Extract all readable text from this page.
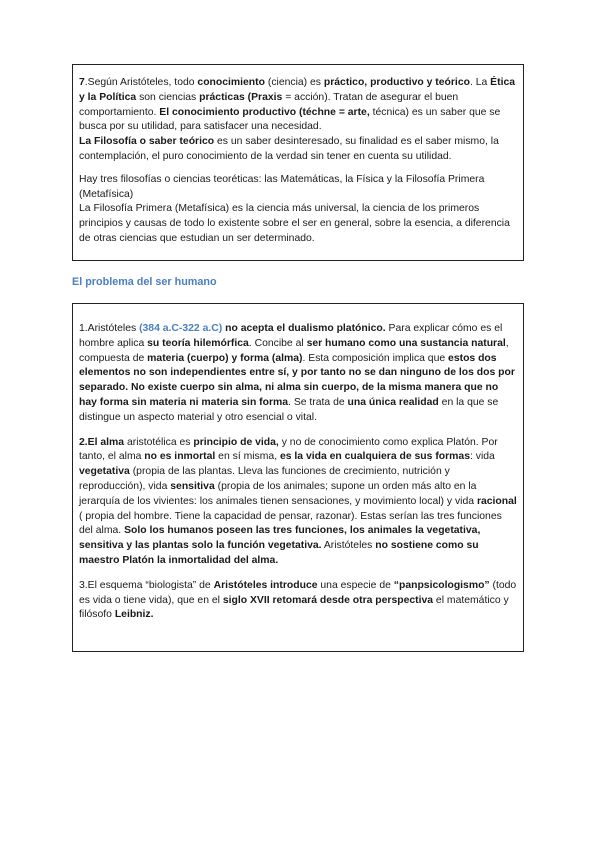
7.Según Aristóteles, todo conocimiento (ciencia) es práctico, productivo y teórico. La Ética y la Política son ciencias prácticas (Praxis = acción). Tratan de asegurar el buen comportamiento. El conocimiento productivo (téchne = arte, técnica) es un saber que se busca por su utilidad, para satisfacer una necesidad.

La Filosofía o saber teórico es un saber desinteresado, su finalidad es el saber mismo, la contemplación, el puro conocimiento de la verdad sin tener en cuenta su utilidad.

Hay tres filosofías o ciencias teoréticas: las Matemáticas, la Física y la Filosofía Primera (Metafísica)

La Filosofía Primera (Metafísica) es la ciencia más universal, la ciencia de los primeros principios y causas de todo lo existente sobre el ser en general, sobre la esencia, a diferencia de otras ciencias que estudian un ser determinado.

El problema del ser humano

1.Aristóteles (384 a.C-322 a.C) no acepta el dualismo platónico. Para explicar cómo es el hombre aplica su teoría hilemórfica. Concibe al ser humano como una sustancia natural, compuesta de materia (cuerpo) y forma (alma). Esta composición implica que estos dos elementos no son independientes entre sí, y por tanto no se dan ninguno de los dos por separado. No existe cuerpo sin alma, ni alma sin cuerpo, de la misma manera que no hay forma sin materia ni materia sin forma. Se trata de una única realidad en la que se distingue un aspecto material y otro esencial o vital.

2.El alma aristotélica es principio de vida, y no de conocimiento como explica Platón. Por tanto, el alma no es inmortal en sí misma, es la vida en cualquiera de sus formas: vida vegetativa (propia de las plantas. Lleva las funciones de crecimiento, nutrición y reproducción), vida sensitiva (propia de los animales; supone un orden más alto en la jerarquía de los vivientes: los animales tienen sensaciones, y movimiento local) y vida racional ( propia del hombre. Tiene la capacidad de pensar, razonar). Estas serían las tres funciones del alma. Solo los humanos poseen las tres funciones, los animales la vegetativa, sensitiva y las plantas solo la función vegetativa. Aristóteles no sostiene como su maestro Platón la inmortalidad del alma.

3.El esquema “biologista” de Aristóteles introduce una especie de “panpsicologismo” (todo es vida o tiene vida), que en el siglo XVII retomará desde otra perspectiva el matemático y filósofo Leibniz.
